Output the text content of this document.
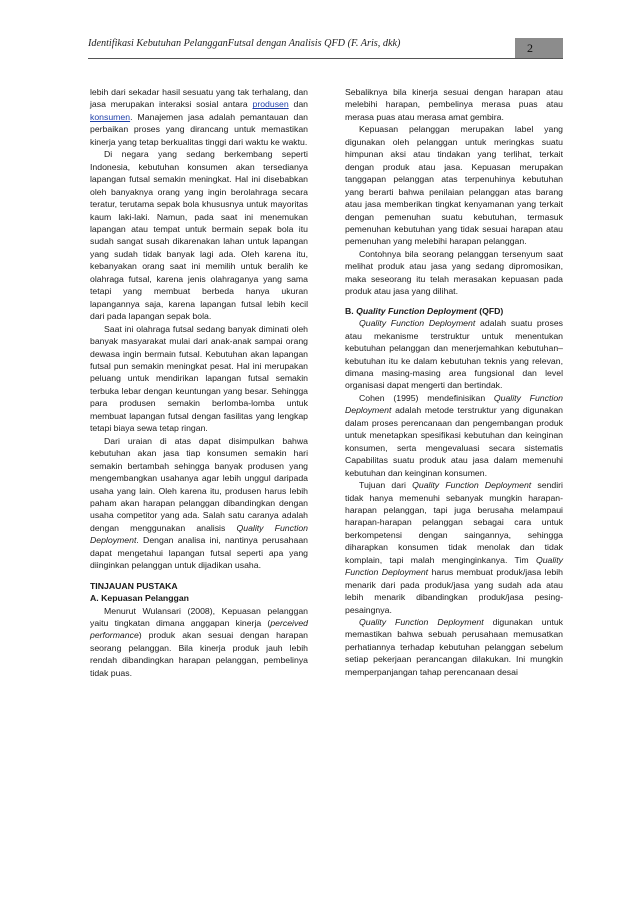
Identifikasi Kebutuhan PelangganFutsal dengan Analisis QFD (F. Aris, dkk)	2

lebih dari sekadar hasil sesuatu yang tak terhalang, dan jasa merupakan interaksi sosial antara produsen dan konsumen. Manajemen jasa adalah pemantauan dan perbaikan proses yang dirancang untuk memastikan kinerja yang tetap berkualitas tinggi dari waktu ke waktu.

Di negara yang sedang berkembang seperti Indonesia, kebutuhan konsumen akan tersedianya lapangan futsal semakin meningkat. Hal ini disebabkan oleh banyaknya orang yang ingin berolahraga secara teratur, terutama sepak bola khususnya untuk mayoritas kaum laki-laki. Namun, pada saat ini menemukan lapangan atau tempat untuk bermain sepak bola itu sudah sangat susah dikarenakan lahan untuk lapangan yang sudah tidak banyak lagi ada. Oleh karena itu, kebanyakan orang saat ini memilih untuk beralih ke olahraga futsal, karena jenis olahraganya yang sama tetapi yang membuat berbeda hanya ukuran lapangannya saja, karena lapangan futsal lebih kecil dari pada lapangan sepak bola.

Saat ini olahraga futsal sedang banyak diminati oleh banyak masyarakat mulai dari anak-anak sampai orang dewasa ingin bermain futsal. Kebutuhan akan lapangan futsal pun semakin meningkat pesat. Hal ini merupakan peluang untuk mendirikan lapangan futsal semakin terbuka lebar dengan keuntungan yang besar. Sehingga para produsen semakin berlomba-lomba untuk membuat lapangan futsal dengan fasilitas yang lengkap tetapi biaya sewa tetap ringan.

Dari uraian di atas dapat disimpulkan bahwa kebutuhan akan jasa tiap konsumen semakin hari semakin bertambah sehingga banyak produsen yang mengembangkan usahanya agar lebih unggul daripada usaha yang lain. Oleh karena itu, produsen harus lebih paham akan harapan pelanggan dibandingkan dengan usaha competitor yang ada. Salah satu caranya adalah dengan menggunakan analisis Quality Function Deployment. Dengan analisa ini, nantinya perusahaan dapat mengetahui lapangan futsal seperti apa yang diinginkan pelanggan untuk dijadikan usaha.

TINJAUAN PUSTAKA

A. Kepuasan Pelanggan

Menurut Wulansari (2008), Kepuasan pelanggan yaitu tingkatan dimana anggapan kinerja (perceived performance) produk akan sesuai dengan harapan seorang pelanggan. Bila kinerja produk jauh lebih rendah dibandingkan harapan pelanggan, pembelinya tidak puas.

Sebaliknya bila kinerja sesuai dengan harapan atau melebihi harapan, pembelinya merasa puas atau merasa puas atau merasa amat gembira.

Kepuasan pelanggan merupakan label yang digunakan oleh pelanggan untuk meringkas suatu himpunan aksi atau tindakan yang terlihat, terkait dengan produk atau jasa. Kepuasan merupakan tanggapan pelanggan atas terpenuhinya kebutuhan yang berarti bahwa penilaian pelanggan atas barang atau jasa memberikan tingkat kenyamanan yang terkait dengan pemenuhan suatu kebutuhan, termasuk pemenuhan kebutuhan yang tidak sesuai harapan atau pemenuhan yang melebihi harapan pelanggan.

Contohnya bila seorang pelanggan tersenyum saat melihat produk atau jasa yang sedang dipromosikan, maka seseorang itu telah merasakan kepuasan pada produk atau jasa yang dilihat.

B. Quality Function Deployment (QFD)

Quality Function Deployment adalah suatu proses atau mekanisme terstruktur untuk menentukan kebutuhan pelanggan dan menerjemahkan kebutuhan–kebutuhan itu ke dalam kebutuhan teknis yang relevan, dimana masing-masing area fungsional dan level organisasi dapat mengerti dan bertindak.

Cohen (1995) mendefinisikan Quality Function Deployment adalah metode terstruktur yang digunakan dalam proses perencanaan dan pengembangan produk untuk menetapkan spesifikasi kebutuhan dan keinginan konsumen, serta mengevaluasi secara sistematis Capabilitas suatu produk atau jasa dalam memenuhi kebutuhan dan keinginan konsumen.

Tujuan dari Quality Function Deployment sendiri tidak hanya memenuhi sebanyak mungkin harapan-harapan pelanggan, tapi juga berusaha melampaui harapan-harapan pelanggan sebagai cara untuk berkompetensi dengan saingannya, sehingga diharapkan konsumen tidak menolak dan tidak komplain, tapi malah menginginkanya. Tim Quality Function Deployment harus membuat produk/jasa lebih menarik dari pada produk/jasa yang sudah ada atau lebih menarik dibandingkan produk/jasa pesing- pesaingnya.

Quality Function Deployment digunakan untuk memastikan bahwa sebuah perusahaan memusatkan perhatiannya terhadap kebutuhan pelanggan sebelum setiap pekerjaan perancangan dilakukan. Ini mungkin memperpanjangan tahap perencanaan desai
